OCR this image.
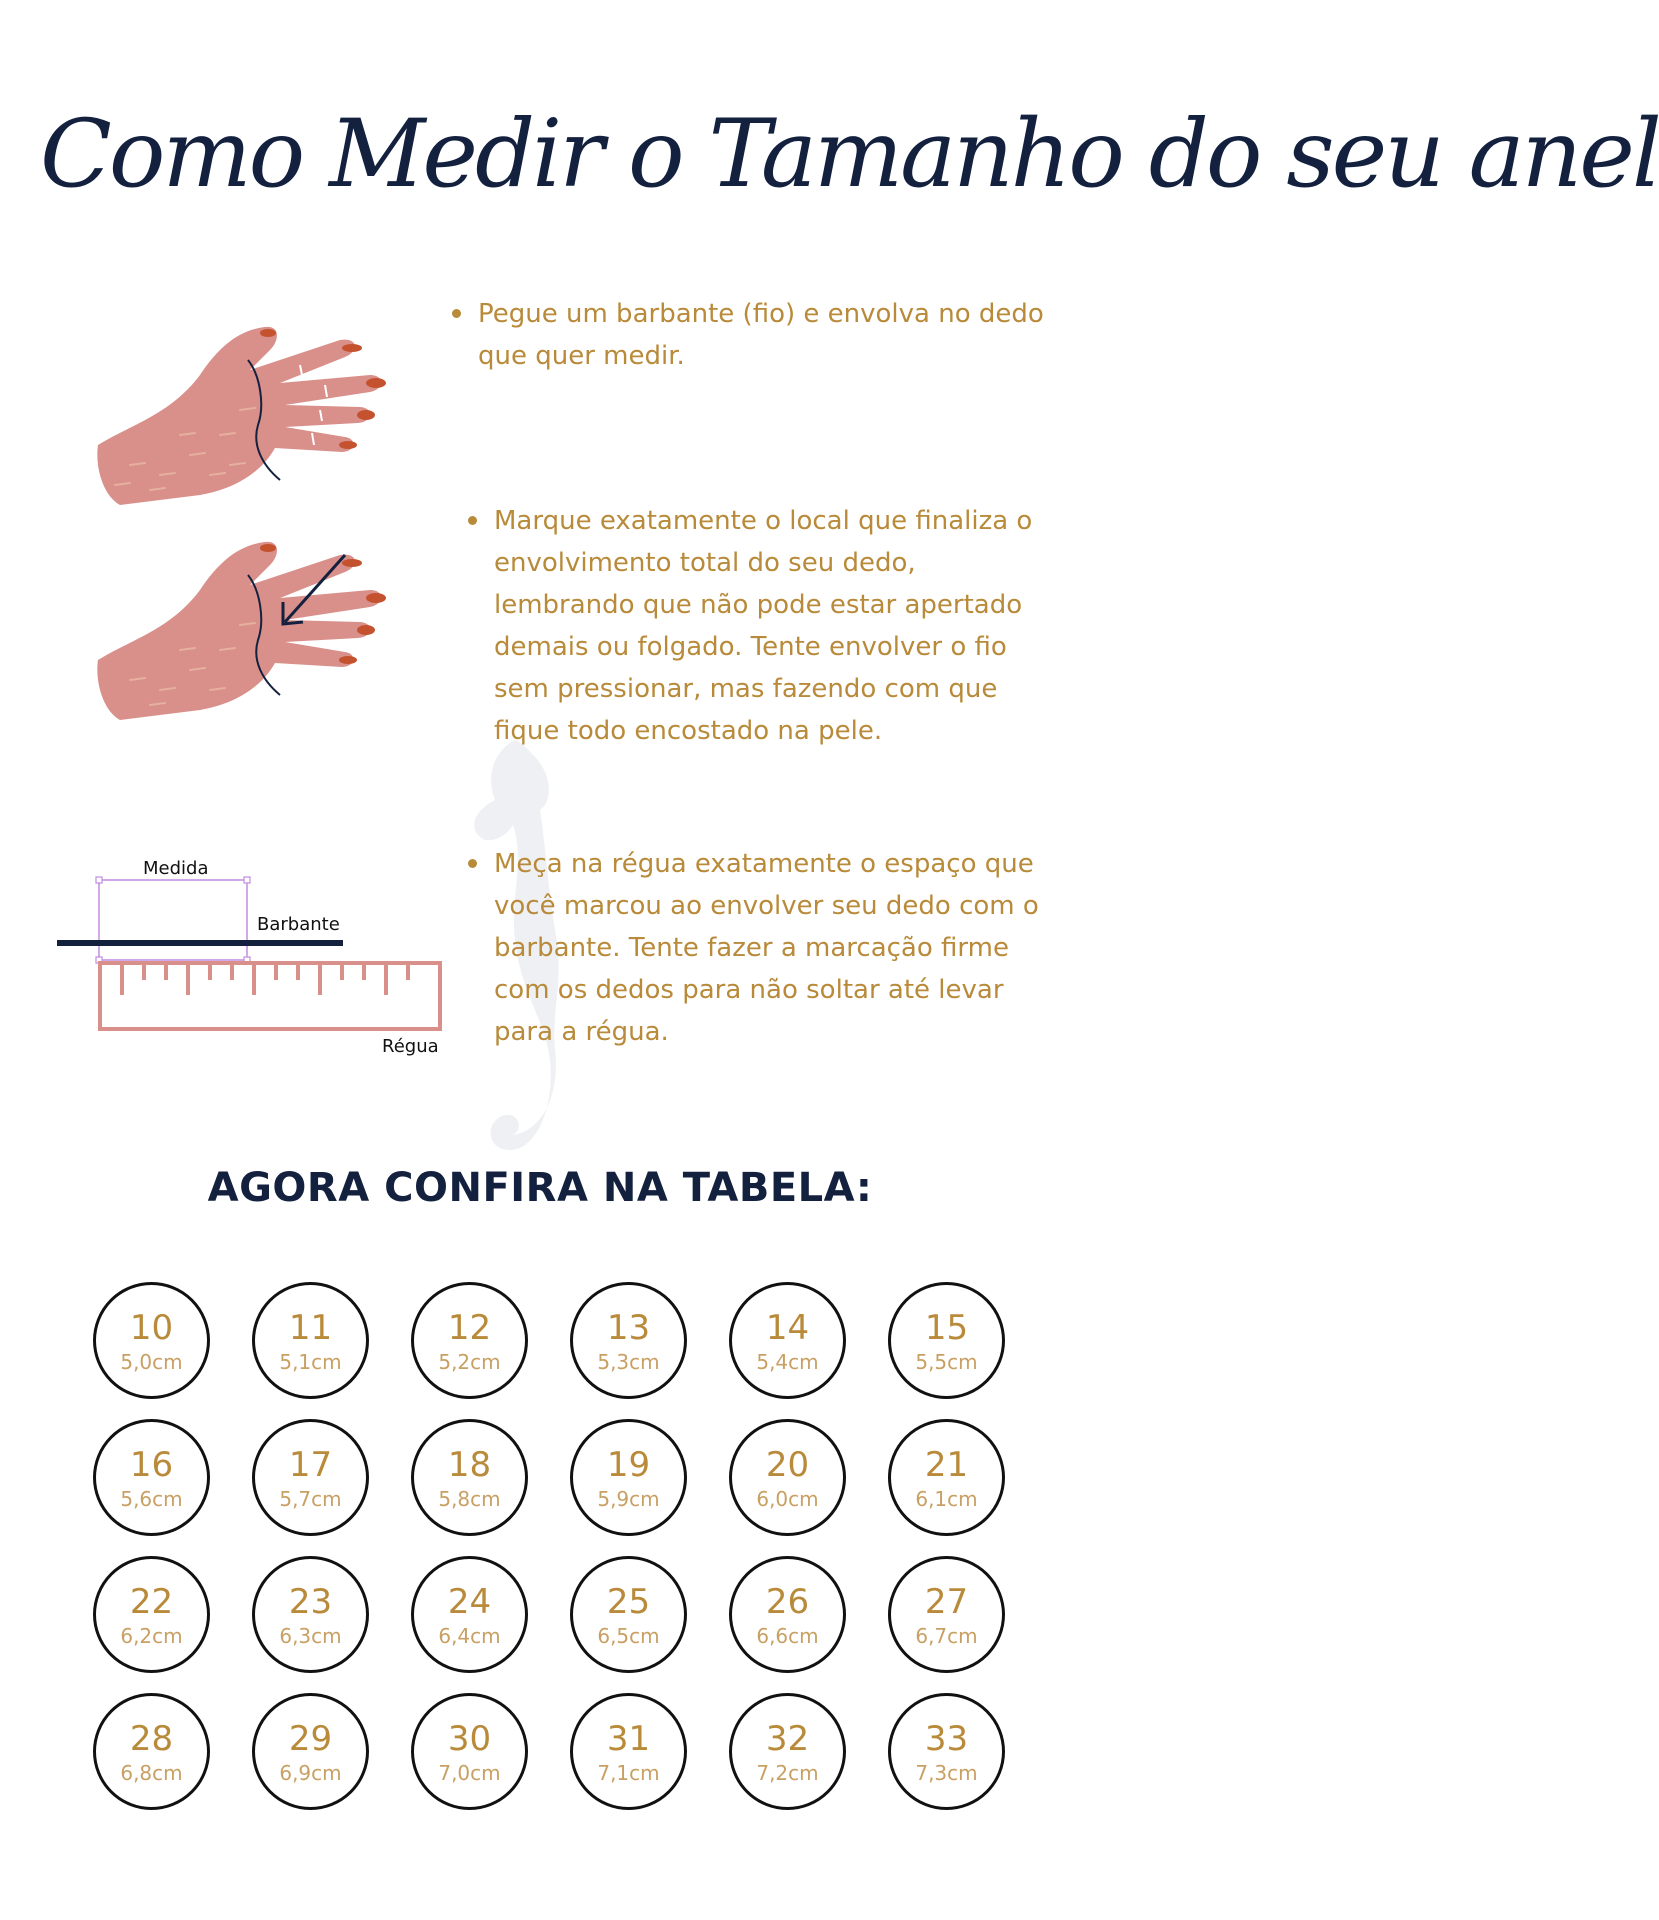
Como Medir o Tamanho do seu anel
Pegue um barbante (fio) e envolva no dedo que quer medir.
Marque exatamente o local que finaliza o envolvimento total do seu dedo, lembrando que não pode estar apertado demais ou folgado. Tente envolver o fio sem pressionar, mas fazendo com que fique todo encostado na pele.
Meça na régua exatamente o espaço que você marcou ao envolver seu dedo com o barbante. Tente fazer a marcação firme com os dedos para não soltar até levar para a régua.
Medida
Barbante
Régua
AGORA CONFIRA NA TABELA:
10
5,0cm
11
5,1cm
12
5,2cm
13
5,3cm
14
5,4cm
15
5,5cm
16
5,6cm
17
5,7cm
18
5,8cm
19
5,9cm
20
6,0cm
21
6,1cm
22
6,2cm
23
6,3cm
24
6,4cm
25
6,5cm
26
6,6cm
27
6,7cm
28
6,8cm
29
6,9cm
30
7,0cm
31
7,1cm
32
7,2cm
33
7,3cm
